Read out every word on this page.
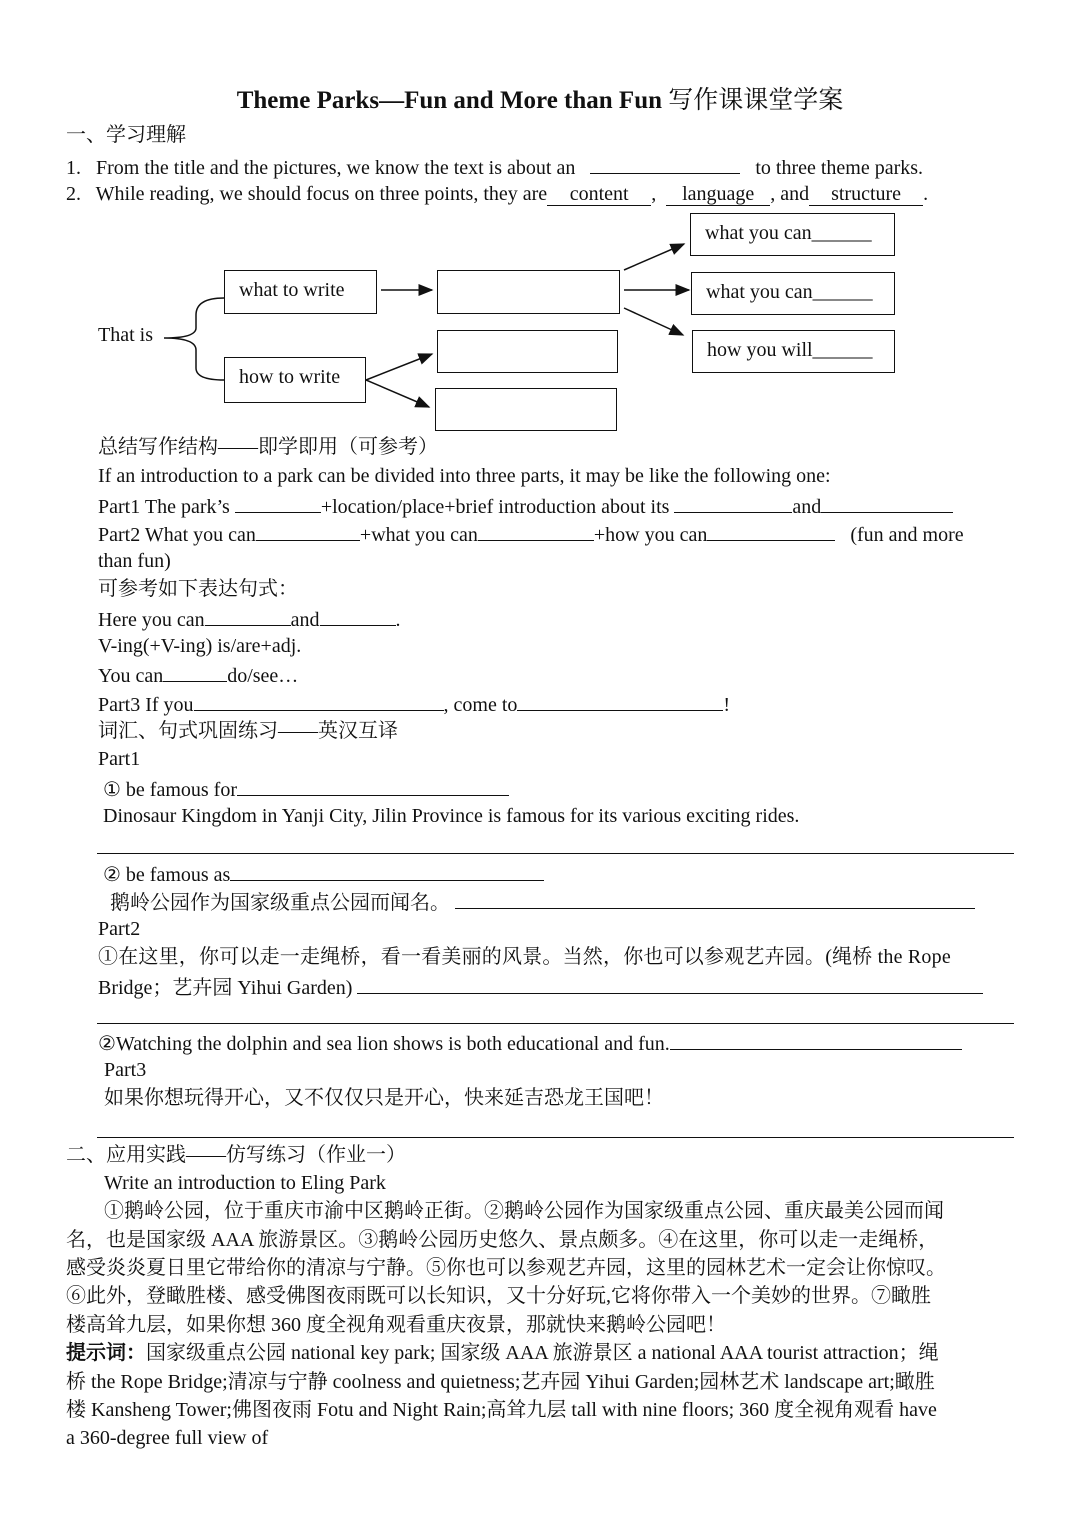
Theme Parks—Fun and More than Fun 写作课课堂学案
一、学习理解
1. From the title and the pictures, we know the text is about an	to three theme parks.
2. While reading, we should focus on three points, they are content , language , and structure .
That is
what to write
how to write
what you can______
what you can______
how you will______
总结写作结构——即学即用（可参考）
If an introduction to a park can be divided into three parts, it may be like the following one:
Part1 The park’s	+location/place+brief introduction about its	and
Part2 What you can	+what you can	+how you can	(fun and more
than fun)
可参考如下表达句式：
Here you can	and	.
V-ing(+V-ing) is/are+adj.
You can	do/see…
Part3 If you	, come to	!
词汇、句式巩固练习——英汉互译
Part1
① be famous for
Dinosaur Kingdom in Yanji City, Jilin Province is famous for its various exciting rides.
② be famous as
鹅岭公园作为国家级重点公园而闻名。
Part2
①在这里，你可以走一走绳桥，看一看美丽的风景。当然，你也可以参观艺卉园。(绳桥 the Rope
Bridge；艺卉园 Yihui Garden)
②Watching the dolphin and sea lion shows is both educational and fun.
Part3
如果你想玩得开心，又不仅仅只是开心，快来延吉恐龙王国吧！
二、应用实践——仿写练习（作业一）
Write an introduction to Eling Park
①鹅岭公园，位于重庆市渝中区鹅岭正街。②鹅岭公园作为国家级重点公园、重庆最美公园而闻
名，也是国家级 AAA 旅游景区。③鹅岭公园历史悠久、景点颇多。④在这里，你可以走一走绳桥，
感受炎炎夏日里它带给你的清凉与宁静。⑤你也可以参观艺卉园，这里的园林艺术一定会让你惊叹。
⑥此外，登瞰胜楼、感受佛图夜雨既可以长知识，又十分好玩,它将你带入一个美妙的世界。⑦瞰胜
楼高耸九层，如果你想 360 度全视角观看重庆夜景，那就快来鹅岭公园吧！
提示词：国家级重点公园 national key park; 国家级 AAA 旅游景区 a national AAA tourist attraction；绳
桥 the Rope Bridge;清凉与宁静 coolness and quietness;艺卉园 Yihui Garden;园林艺术 landscape art;瞰胜
楼 Kansheng Tower;佛图夜雨 Fotu and Night Rain;高耸九层 tall with nine floors; 360 度全视角观看 have
a 360-degree full view of
